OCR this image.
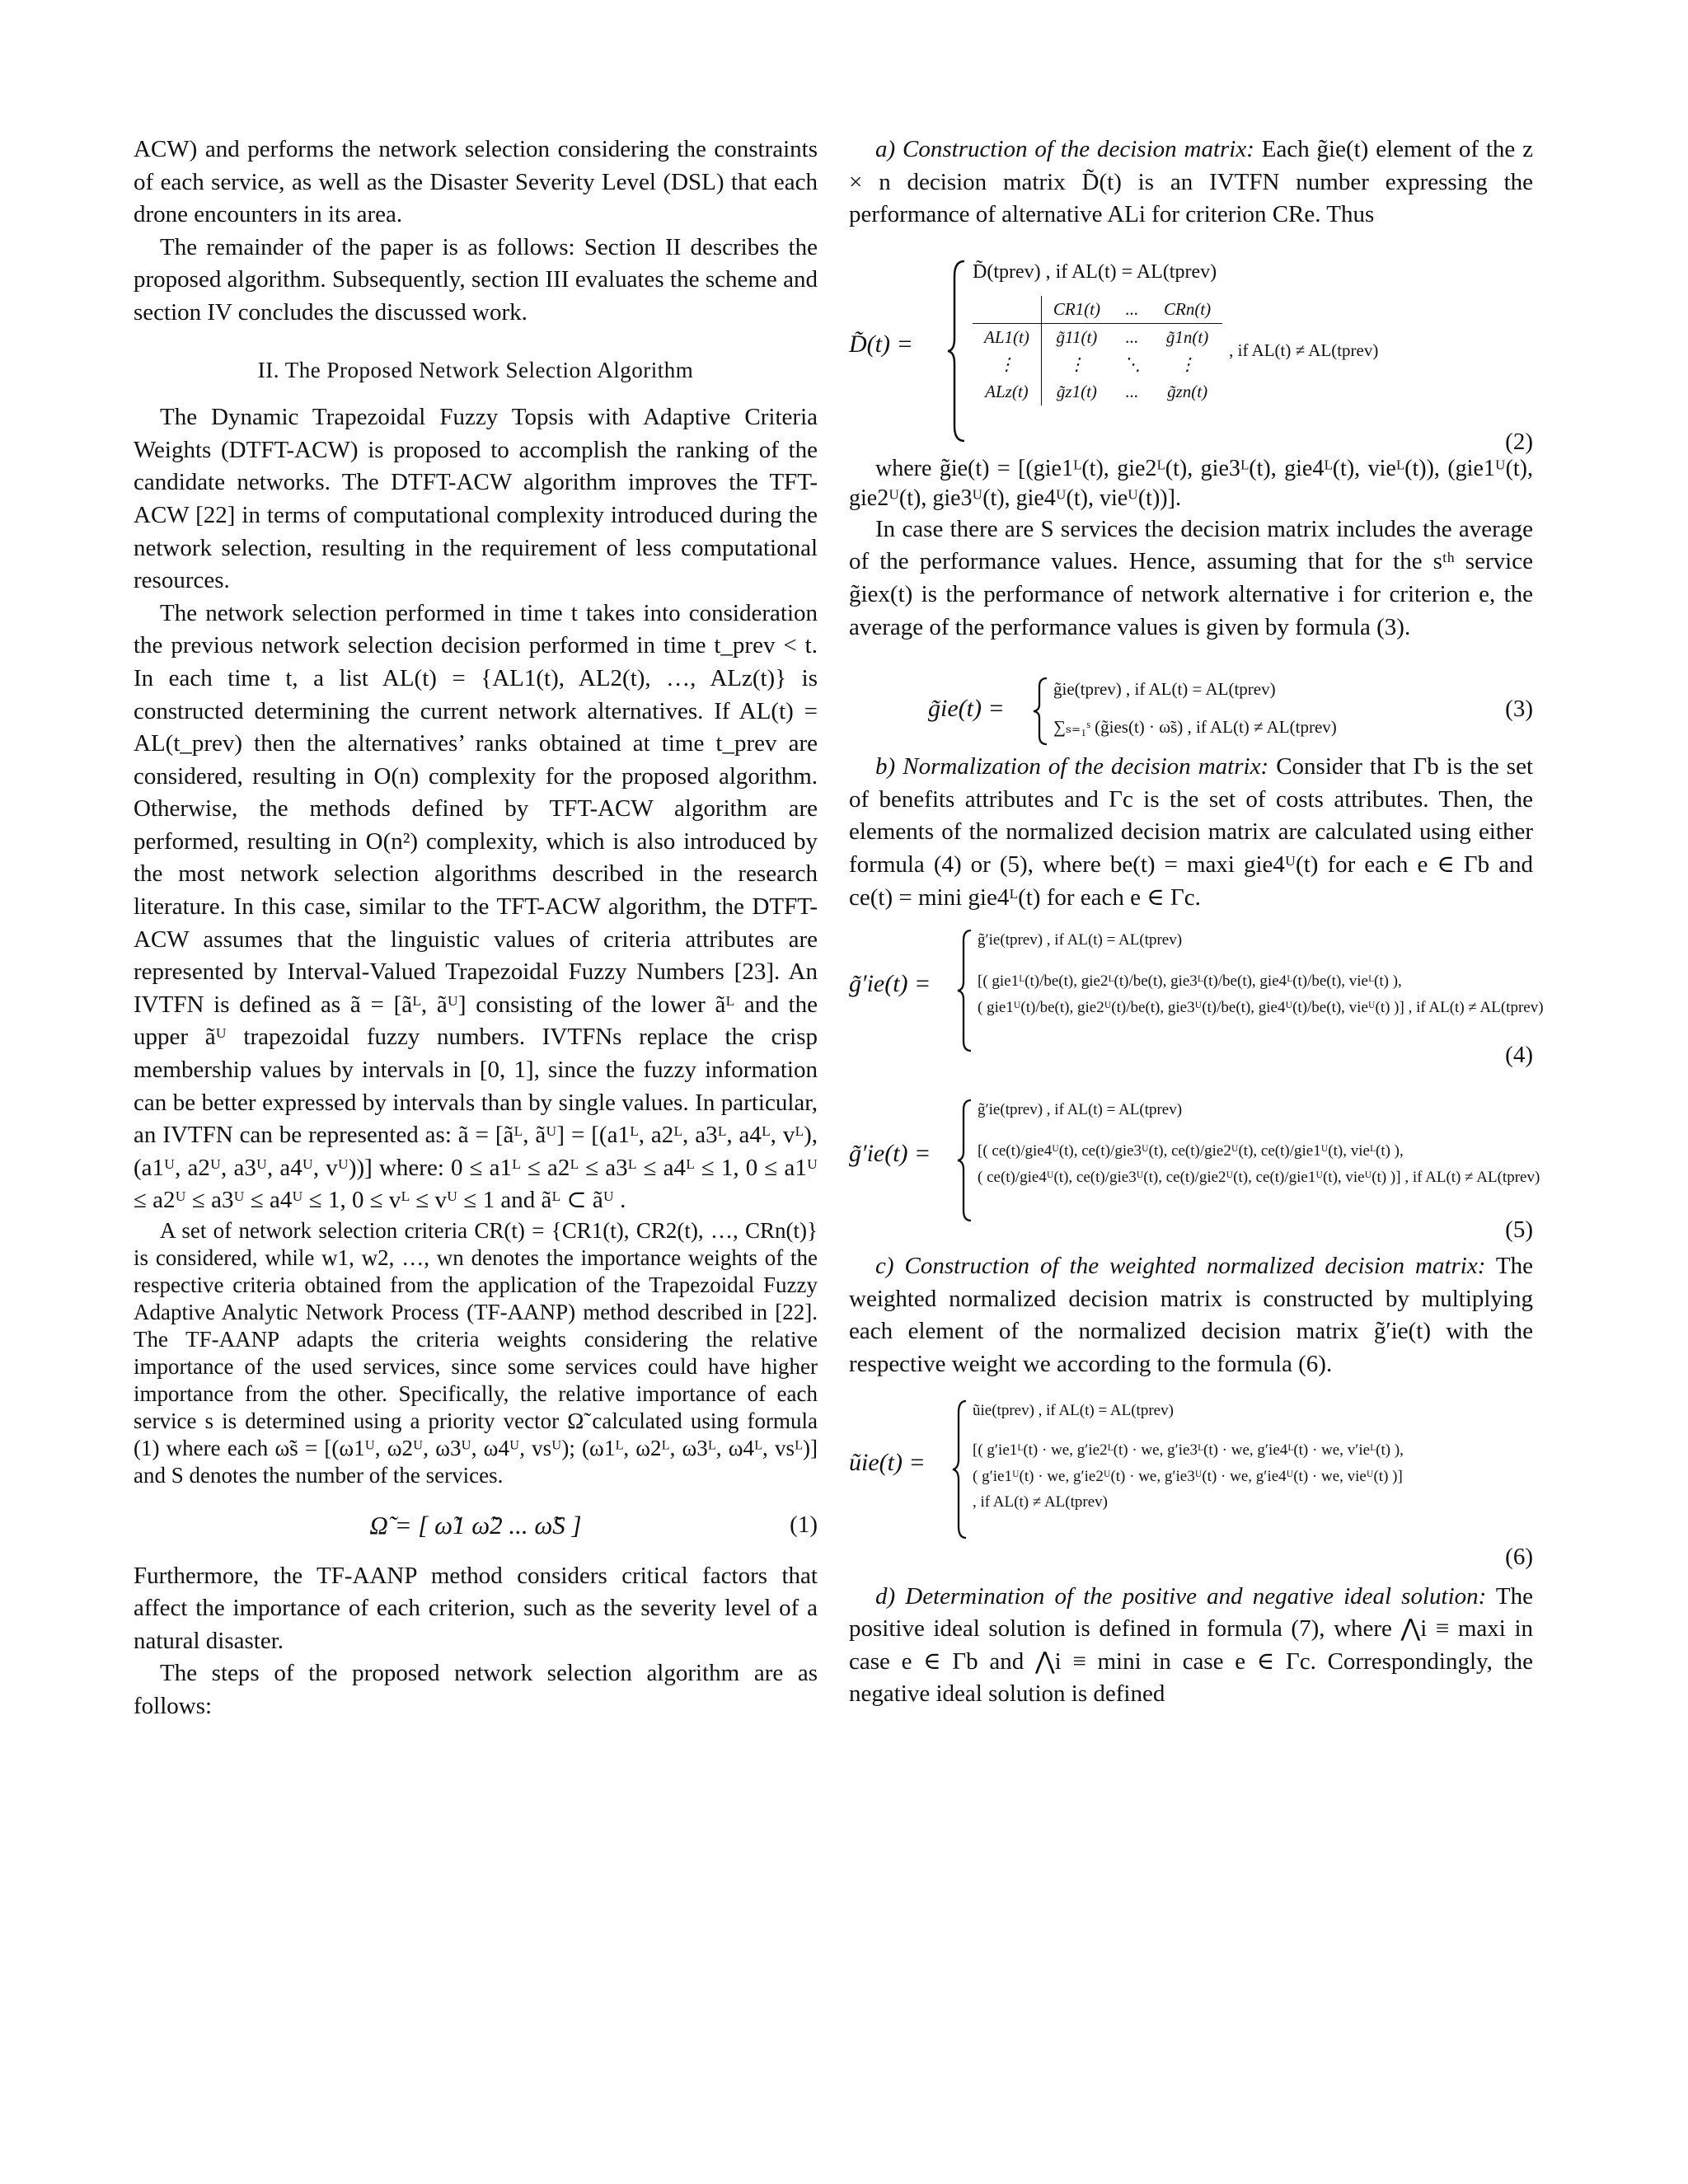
ACW) and performs the network selection considering the constraints of each service, as well as the Disaster Severity Level (DSL) that each drone encounters in its area.

The remainder of the paper is as follows: Section II describes the proposed algorithm. Subsequently, section III evaluates the scheme and section IV concludes the discussed work.

II. The Proposed Network Selection Algorithm

The Dynamic Trapezoidal Fuzzy Topsis with Adaptive Criteria Weights (DTFT-ACW) is proposed to accomplish the ranking of the candidate networks. The DTFT-ACW algorithm improves the TFT-ACW [22] in terms of computational complexity introduced during the network selection, resulting in the requirement of less computational resources.

The network selection performed in time t takes into consideration the previous network selection decision performed in time t_prev < t. In each time t, a list AL(t) = {AL1(t), AL2(t), …, ALz(t)} is constructed determining the current network alternatives. If AL(t) = AL(t_prev) then the alternatives’ ranks obtained at time t_prev are considered, resulting in O(n) complexity for the proposed algorithm. Otherwise, the methods defined by TFT-ACW algorithm are performed, resulting in O(n²) complexity, which is also introduced by the most network selection algorithms described in the research literature. In this case, similar to the TFT-ACW algorithm, the DTFT-ACW assumes that the linguistic values of criteria attributes are represented by Interval-Valued Trapezoidal Fuzzy Numbers [23]. An IVTFN is defined as ã = [ãᴸ, ãᵁ] consisting of the lower ãᴸ and the upper ãᵁ trapezoidal fuzzy numbers. IVTFNs replace the crisp membership values by intervals in [0, 1], since the fuzzy information can be better expressed by intervals than by single values. In particular, an IVTFN can be represented as: ã = [ãᴸ, ãᵁ] = [(a1ᴸ, a2ᴸ, a3ᴸ, a4ᴸ, vᴸ), (a1ᵁ, a2ᵁ, a3ᵁ, a4ᵁ, vᵁ))] where: 0 ≤ a1ᴸ ≤ a2ᴸ ≤ a3ᴸ ≤ a4ᴸ ≤ 1, 0 ≤ a1ᵁ ≤ a2ᵁ ≤ a3ᵁ ≤ a4ᵁ ≤ 1, 0 ≤ vᴸ ≤ vᵁ ≤ 1 and ãᴸ ⊂ ãᵁ .

A set of network selection criteria CR(t) = {CR1(t), CR2(t), …, CRn(t)} is considered, while w1, w2, …, wn denotes the importance weights of the respective criteria obtained from the application of the Trapezoidal Fuzzy Adaptive Analytic Network Process (TF-AANP) method described in [22]. The TF-AANP adapts the criteria weights considering the relative importance of the used services, since some services could have higher importance from the other. Specifically, the relative importance of each service s is determined using a priority vector Ω̃ calculated using formula (1) where each ω̃s = [(ω1ᵁ, ω2ᵁ, ω3ᵁ, ω4ᵁ, vsᵁ); (ω1ᴸ, ω2ᴸ, ω3ᴸ, ω4ᴸ, vsᴸ)] and S denotes the number of the services.

Ω̃ = [ ω̃1 ω̃2 ... ω̃S ]	(1)

Furthermore, the TF-AANP method considers critical factors that affect the importance of each criterion, such as the severity level of a natural disaster.

The steps of the proposed network selection algorithm are as follows:

a) Construction of the decision matrix: Each g̃ie(t) element of the z × n decision matrix D̃(t) is an IVTFN number expressing the performance of alternative ALi for criterion CRe. Thus

D̃(t) =
D̃(tprev) , if AL(t) = AL(tprev)
	CR1(t)	...	CRn(t)
AL1(t)	g̃11(t)	...	g̃1n(t)
⋮	⋮	⋱	⋮
ALz(t)	g̃z1(t)	...	g̃zn(t)
, if AL(t) ≠ AL(tprev)
(2)

where g̃ie(t) = [(gie1ᴸ(t), gie2ᴸ(t), gie3ᴸ(t), gie4ᴸ(t), vieᴸ(t)), (gie1ᵁ(t), gie2ᵁ(t), gie3ᵁ(t), gie4ᵁ(t), vieᵁ(t))].

In case there are S services the decision matrix includes the average of the performance values. Hence, assuming that for the sᵗʰ service g̃iex(t) is the performance of network alternative i for criterion e, the average of the performance values is given by formula (3).

g̃ie(t) =
g̃ie(tprev) , if AL(t) = AL(tprev)
∑ₛ₌₁ˢ (g̃ies(t) · ω̃s) , if AL(t) ≠ AL(tprev)
(3)

b) Normalization of the decision matrix: Consider that Γb is the set of benefits attributes and Γc is the set of costs attributes. Then, the elements of the normalized decision matrix are calculated using either formula (4) or (5), where be(t) = maxi gie4ᵁ(t) for each e ∈ Γb and ce(t) = mini gie4ᴸ(t) for each e ∈ Γc.

g̃′ie(t) =
g̃′ie(tprev) , if AL(t) = AL(tprev)
[( gie1ᴸ(t)/be(t), gie2ᴸ(t)/be(t), gie3ᴸ(t)/be(t), gie4ᴸ(t)/be(t), vieᴸ(t) ),
( gie1ᵁ(t)/be(t), gie2ᵁ(t)/be(t), gie3ᵁ(t)/be(t), gie4ᵁ(t)/be(t), vieᵁ(t) )] , if AL(t) ≠ AL(tprev)
(4)
g̃′ie(t) =
g̃′ie(tprev) , if AL(t) = AL(tprev)
[( ce(t)/gie4ᵁ(t), ce(t)/gie3ᵁ(t), ce(t)/gie2ᵁ(t), ce(t)/gie1ᵁ(t), vieᴸ(t) ),
( ce(t)/gie4ᵁ(t), ce(t)/gie3ᵁ(t), ce(t)/gie2ᵁ(t), ce(t)/gie1ᵁ(t), vieᵁ(t) )] , if AL(t) ≠ AL(tprev)
(5)

c) Construction of the weighted normalized decision matrix: The weighted normalized decision matrix is constructed by multiplying each element of the normalized decision matrix g̃′ie(t) with the respective weight we according to the formula (6).

ũie(t) =
ũie(tprev) , if AL(t) = AL(tprev)
[( g′ie1ᴸ(t) · we, g′ie2ᴸ(t) · we, g′ie3ᴸ(t) · we, g′ie4ᴸ(t) · we, v′ieᴸ(t) ),
( g′ie1ᵁ(t) · we, g′ie2ᵁ(t) · we, g′ie3ᵁ(t) · we, g′ie4ᵁ(t) · we, vieᵁ(t) )]
, if AL(t) ≠ AL(tprev)
(6)

d) Determination of the positive and negative ideal solution: The positive ideal solution is defined in formula (7), where ⋀i ≡ maxi in case e ∈ Γb and ⋀i ≡ mini in case e ∈ Γc. Correspondingly, the negative ideal solution is defined
